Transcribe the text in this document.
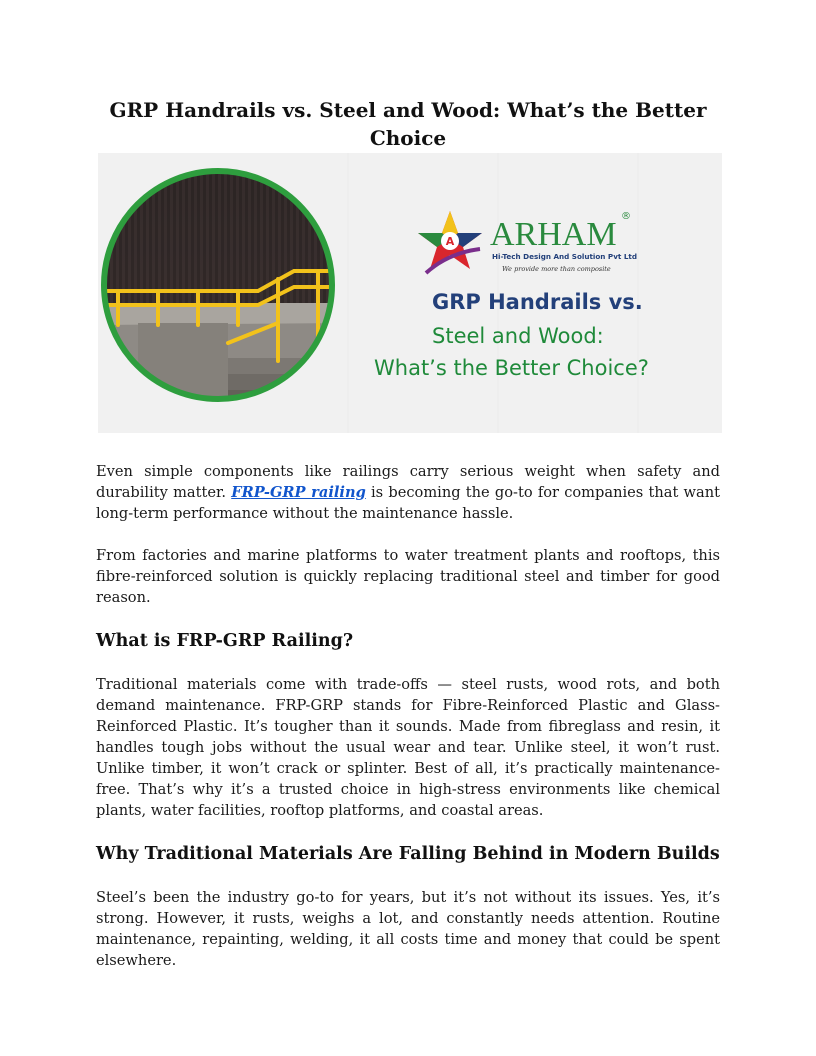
GRP Handrails vs. Steel and Wood: What’s the Better Choice
A ARHAM ®
Hi-Tech Design And Solution Pvt Ltd
We provide more than composite
GRP Handrails vs.
Steel and Wood:
What’s the Better Choice?

Even simple components like railings carry serious weight when safety and durability matter. FRP-GRP railing is becoming the go-to for companies that want long-term performance without the maintenance hassle.

From factories and marine platforms to water treatment plants and rooftops, this fibre-reinforced solution is quickly replacing traditional steel and timber for good reason.

What is FRP-GRP Railing?

Traditional materials come with trade-offs — steel rusts, wood rots, and both demand maintenance. FRP-GRP stands for Fibre-Reinforced Plastic and Glass-Reinforced Plastic. It’s tougher than it sounds. Made from fibreglass and resin, it handles tough jobs without the usual wear and tear. Unlike steel, it won’t rust. Unlike timber, it won’t crack or splinter. Best of all, it’s practically maintenance-free. That’s why it’s a trusted choice in high-stress environments like chemical plants, water facilities, rooftop platforms, and coastal areas.

Why Traditional Materials Are Falling Behind in Modern Builds

Steel’s been the industry go-to for years, but it’s not without its issues. Yes, it’s strong. However, it rusts, weighs a lot, and constantly needs attention. Routine maintenance, repainting, welding, it all costs time and money that could be spent elsewhere.
